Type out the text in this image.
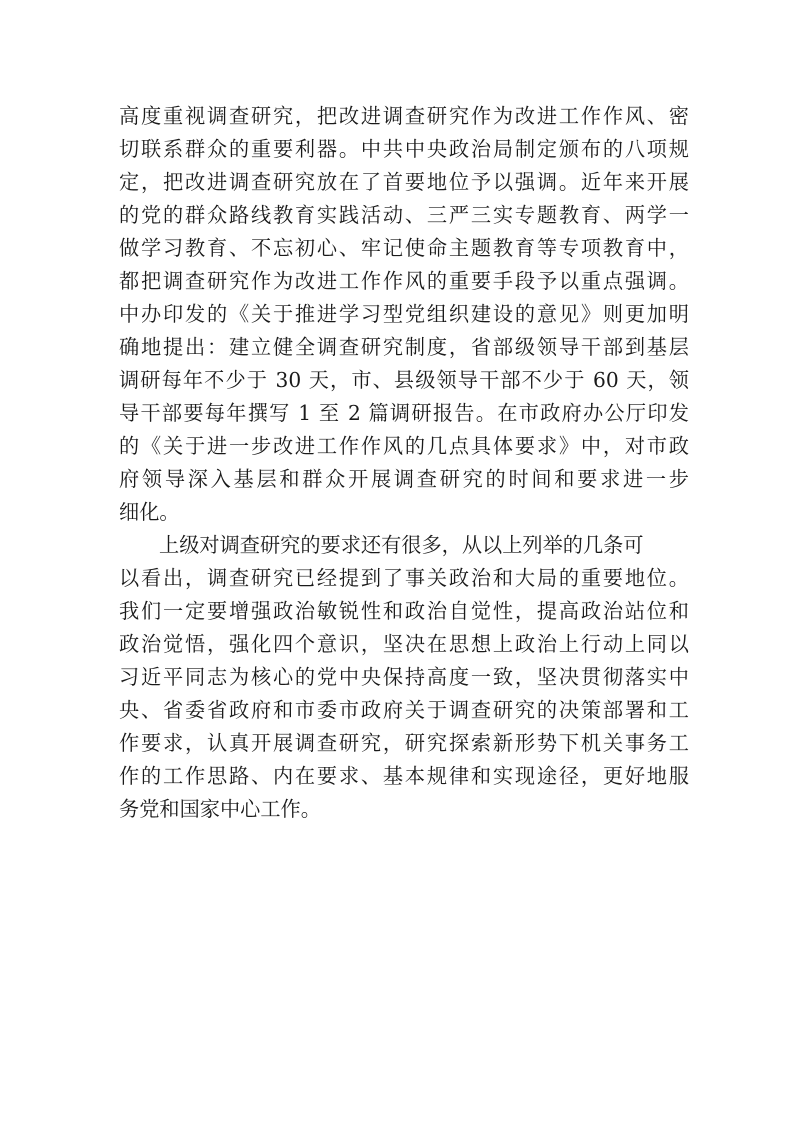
高度重视调查研究，把改进调查研究作为改进工作作风、密
切联系群众的重要利器。中共中央政治局制定颁布的八项规
定，把改进调查研究放在了首要地位予以强调。近年来开展
的党的群众路线教育实践活动、三严三实专题教育、两学一
做学习教育、不忘初心、牢记使命主题教育等专项教育中，
都把调查研究作为改进工作作风的重要手段予以重点强调。
中办印发的《关于推进学习型党组织建设的意见》则更加明
确地提出：建立健全调查研究制度，省部级领导干部到基层
调研每年不少于 30 天，市、县级领导干部不少于 60 天，领
导干部要每年撰写 1 至 2 篇调研报告。在市政府办公厅印发
的《关于进一步改进工作作风的几点具体要求》中，对市政
府领导深入基层和群众开展调查研究的时间和要求进一步
细化。
上级对调查研究的要求还有很多，从以上列举的几条可
以看出，调查研究已经提到了事关政治和大局的重要地位。
我们一定要增强政治敏锐性和政治自觉性，提高政治站位和
政治觉悟，强化四个意识，坚决在思想上政治上行动上同以
习近平同志为核心的党中央保持高度一致，坚决贯彻落实中
央、省委省政府和市委市政府关于调查研究的决策部署和工
作要求，认真开展调查研究，研究探索新形势下机关事务工
作的工作思路、内在要求、基本规律和实现途径，更好地服
务党和国家中心工作。
